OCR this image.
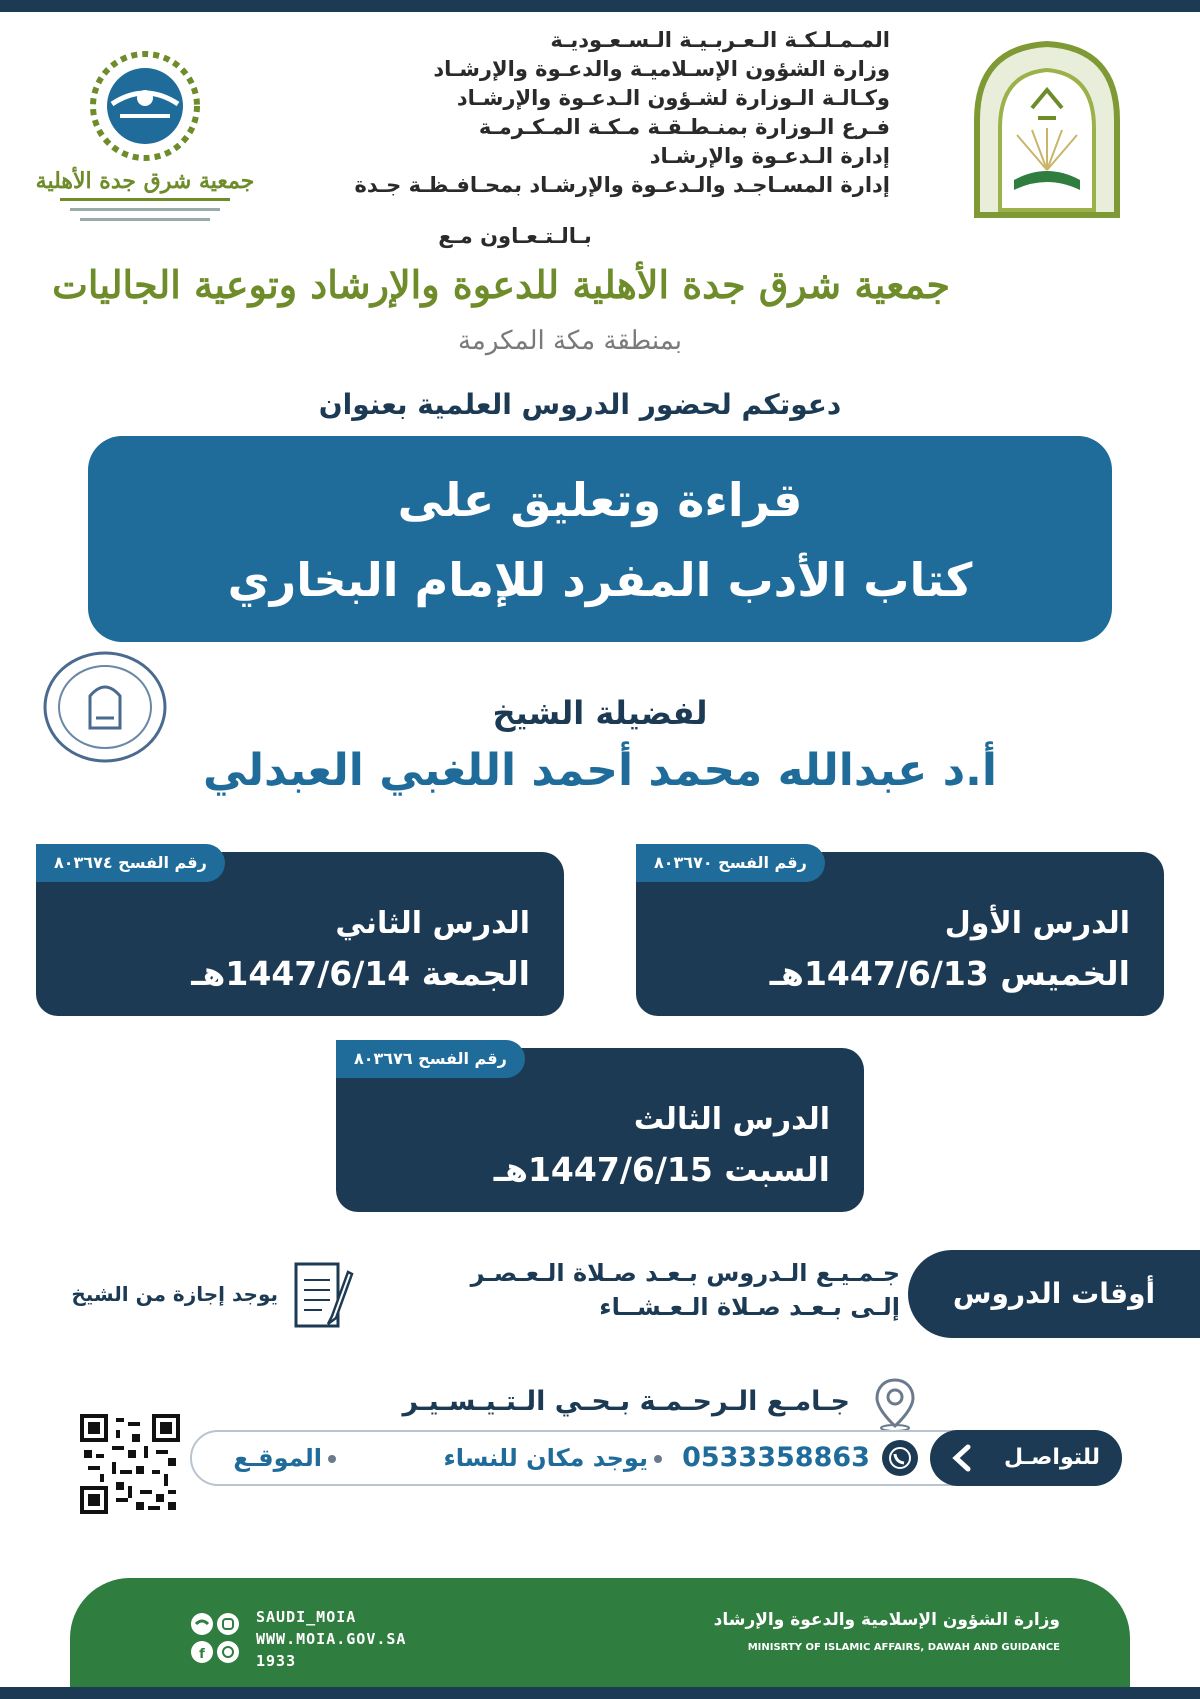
جمعية شرق جدة الأهلية
المـمـلـكـة الـعـربـيـة الـسـعـوديـة
وزارة الشؤون الإسـلاميـة والدعـوة والإرشـاد
وكـالـة الـوزارة لشـؤون الـدعـوة والإرشـاد
فـرع الـوزارة بمنـطـقـة مـكـة المـكـرمـة
إدارة الـدعـوة والإرشـاد
إدارة المسـاجـد والـدعـوة والإرشـاد بمحـافـظـة جـدة
بـالـتـعـاون مـع
جمعية شرق جدة الأهلية للدعوة والإرشاد وتوعية الجاليات
بمنطقة مكة المكرمة
دعوتكم لحضور الدروس العلمية بعنوان
قراءة وتعليق على
كتاب الأدب المفرد للإمام البخاري
لفضيلة الشيخ
أ.د عبدالله محمد أحمد اللغبي العبدلي
رقم الفسح ٨٠٣٦٧٠
الدرس الأول
الخميس 1447/6/13هـ
رقم الفسح ٨٠٣٦٧٤
الدرس الثاني
الجمعة 1447/6/14هـ
رقم الفسح ٨٠٣٦٧٦
الدرس الثالث
السبت 1447/6/15هـ
أوقات الدروس
جـمـيـع الـدروس بـعـد صـلاة الـعـصـر
إلـى بـعـد صـلاة الـعـشــاء
يوجد إجازة من الشيخ
جـامـع الـرحـمـة بـحـي الـتـيـسـيـر
للتواصـل
0533358863
يوجد مكان للنساء
الموقـع
وزارة الشؤون الإسلامية والدعوة والإرشاد
MINISRTY OF ISLAMIC AFFAIRS, DAWAH AND GUIDANCE
f
SAUDI_MOIA
WWW.MOIA.GOV.SA
1933
